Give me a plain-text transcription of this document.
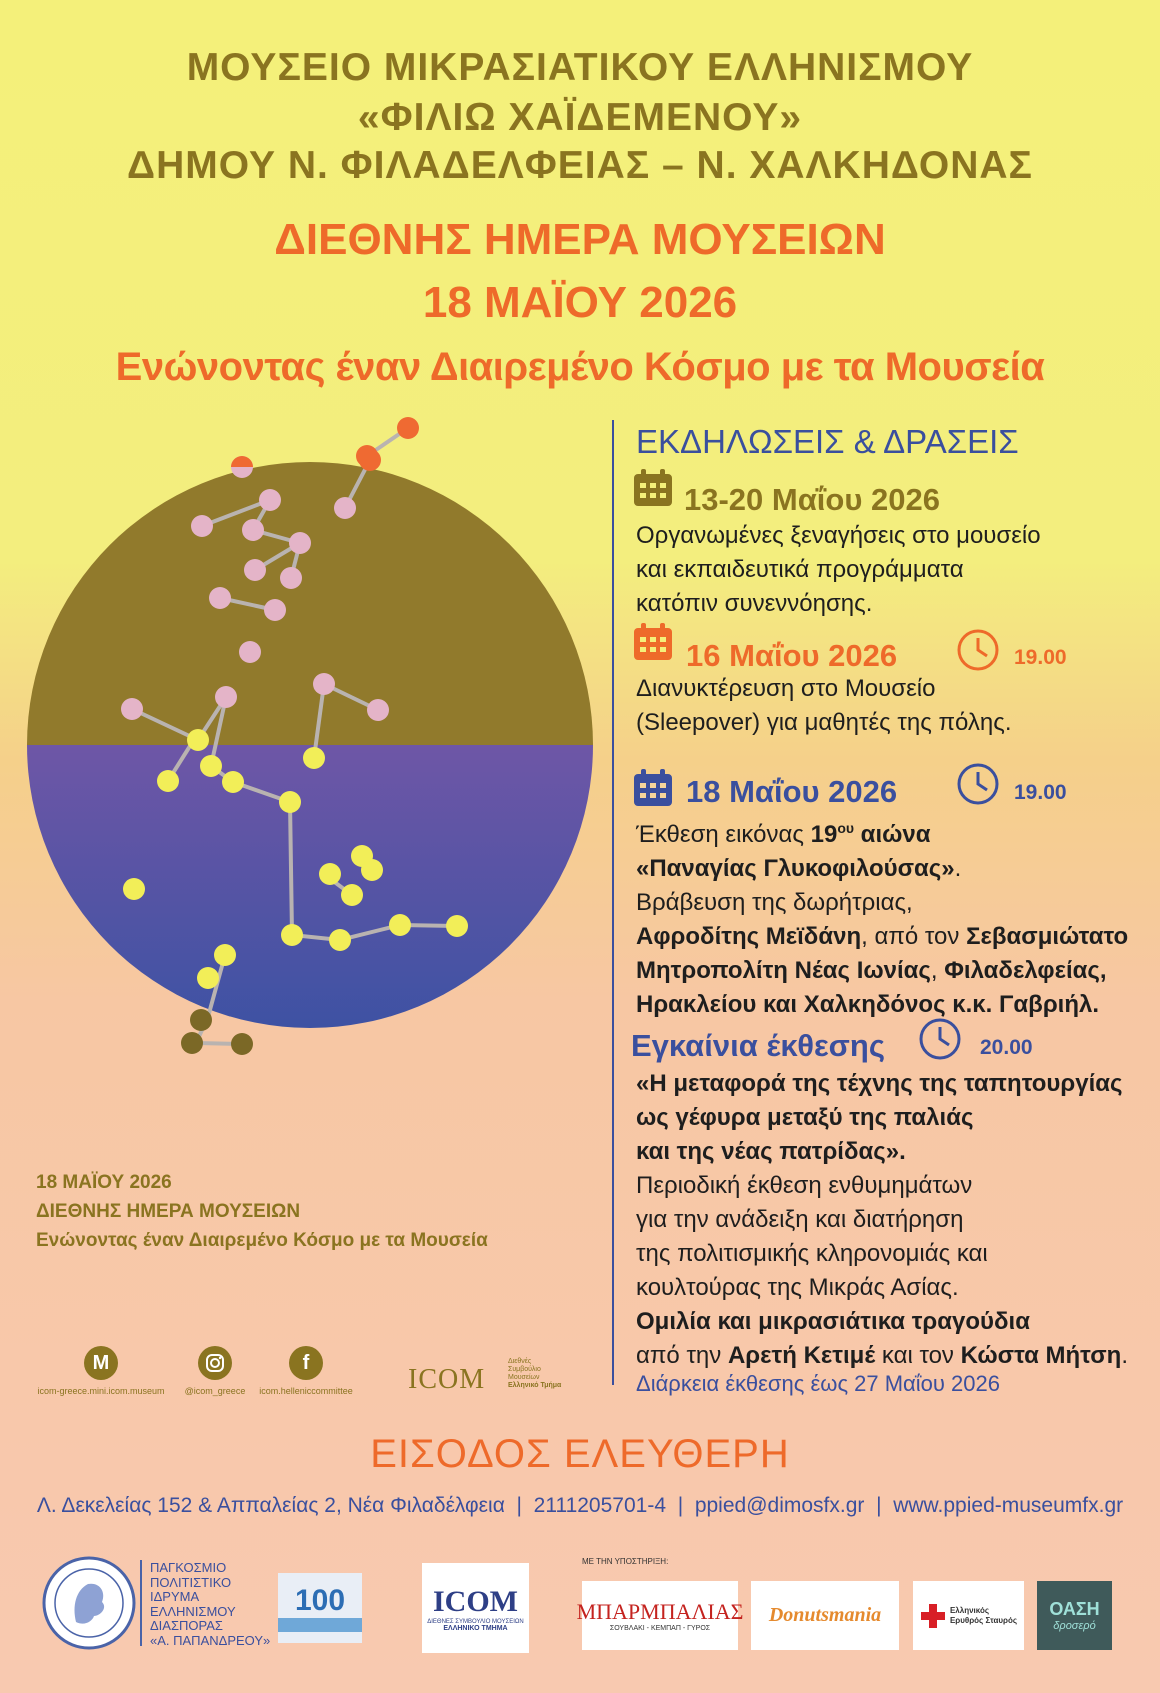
ΜΟΥΣΕΙΟ ΜΙΚΡΑΣΙΑΤΙΚΟΥ ΕΛΛΗΝΙΣΜΟΥ
«ΦΙΛΙΩ ΧΑΪΔΕΜΕΝΟΥ»
ΔΗΜΟΥ Ν. ΦΙΛΑΔΕΛΦΕΙΑΣ – Ν. ΧΑΛΚΗΔΟΝΑΣ
ΔΙΕΘΝΗΣ ΗΜΕΡΑ ΜΟΥΣΕΙΩΝ
18 ΜΑΪΟΥ 2026
Ενώνοντας έναν Διαιρεμένο Κόσμο με τα Μουσεία
ΕΚΔΗΛΩΣΕΙΣ & ΔΡΑΣΕΙΣ
13-20 Μαΐου 2026
Οργανωμένες ξεναγήσεις στο μουσείο
και εκπαιδευτικά προγράμματα
κατόπιν συνεννόησης.
16 Μαΐου 2026	19.00
Διανυκτέρευση στο Μουσείο
(Sleepover) για μαθητές της πόλης.
18 Μαΐου 2026	19.00
Έκθεση εικόνας $19^{o\upsilon}$ αιώνα
«Παναγίας Γλυκοφιλούσας».
Βράβευση της δωρήτριας,
Αφροδίτης Μεϊδάνη, από τον Σεβασμιώτατο
Μητροπολίτη Νέας Ιωνίας, Φιλαδελφείας,
Ηρακλείου και Χαλκηδόνος κ.κ. Γαβριήλ.
Εγκαίνια έκθεσης	20.00
«Η μεταφορά της τέχνης της ταπητουργίας
ως γέφυρα μεταξύ της παλιάς
και της νέας πατρίδας».
Περιοδική έκθεση ενθυμημάτων
για την ανάδειξη και διατήρηση
της πολιτισμικής κληρονομιάς και
κουλτούρας της Μικράς Ασίας.
Ομιλία και μικρασιάτικα τραγούδια
από την Αρετή Κετιμέ και τον Κώστα Μήτση.
Διάρκεια έκθεσης έως 27 Μαΐου 2026
18 ΜΑΪΟΥ 2026
ΔΙΕΘΝΗΣ ΗΜΕΡΑ ΜΟΥΣΕΙΩΝ
Ενώνοντας έναν Διαιρεμένο Κόσμο με τα Μουσεία
M
icom-greece.mini.icom.museum	@icom_greece
f
icom.helleniccommittee ICOM
Διεθνές
Συμβούλιο
Μουσείων
Ελληνικό Τμήμα
ΕΙΣΟΔΟΣ ΕΛΕΥΘΕΡΗ
Λ. Δεκελείας 152 & Αππαλείας 2, Νέα Φιλαδέλφεια | 2111205701-4 | ppied@dimosfx.gr | www.ppied-museumfx.gr
ΠΑΓΚΟΣΜΙΟ
ΠΟΛΙΤΙΣΤΙΚΟ
ΙΔΡΥΜΑ
ΕΛΛΗΝΙΣΜΟΥ
ΔΙΑΣΠΟΡΑΣ
«Α. ΠΑΠΑΝΔΡΕΟΥ»
100	ICOM
ΔΙΕΘΝΕΣ ΣΥΜΒΟΥΛΙΟ ΜΟΥΣΕΙΩΝ
ΕΛΛΗΝΙΚΟ ΤΜΗΜΑ
ΜΕ ΤΗΝ ΥΠΟΣΤΗΡΙΞΗ:
ΜΠΑΡΜΠΑΛΙΑΣ
ΣΟΥΒΛΑΚΙ - ΚΕΜΠΑΠ - ΓΥΡΟΣ
Donutsmania	Ελληνικός
Ερυθρός Σταυρός
ΟΑΣΗ
δροσερό
